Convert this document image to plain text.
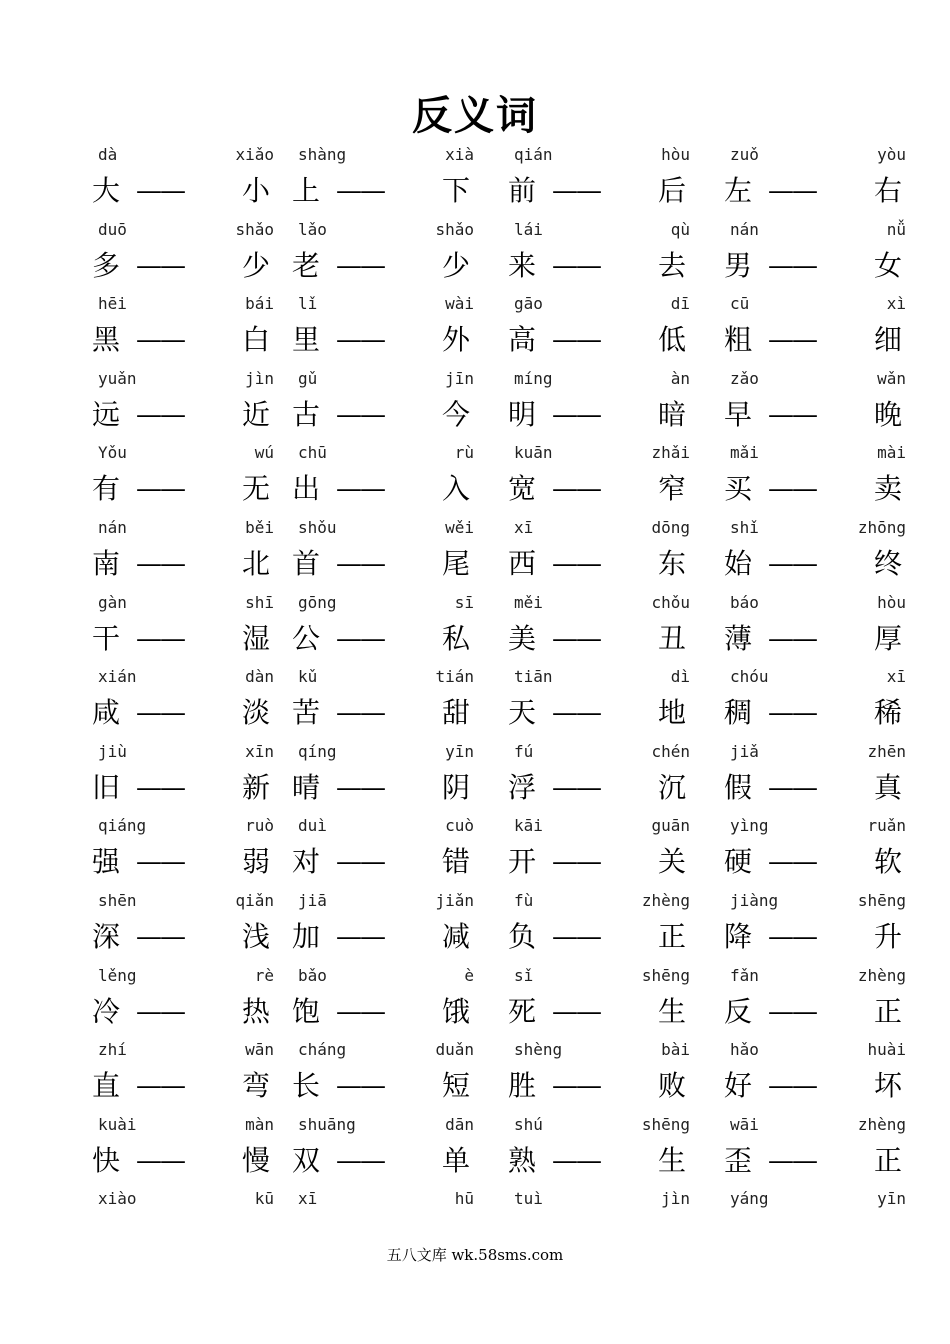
反义词
dà	xiǎo
大 —— 小
shàng	xià
上 —— 下
qián	hòu
前 —— 后
zuǒ	yòu
左 —— 右
duō	shǎo
多 —— 少
lǎo	shǎo
老 —— 少
lái	qù
来 —— 去
nán	nǚ
男 —— 女
hēi	bái
黑 —— 白
lǐ	wài
里 —— 外
gāo	dī
高 —— 低
cū	xì
粗 —— 细
yuǎn	jìn
远 —— 近
gǔ	jīn
古 —— 今
míng	àn
明 —— 暗
zǎo	wǎn
早 —— 晚
Yǒu	wú
有 —— 无
chū	rù
出 —— 入
kuān	zhǎi
宽 —— 窄
mǎi	mài
买 —— 卖
nán	běi
南 —— 北
shǒu	wěi
首 —— 尾
xī	dōng
西 —— 东
shǐ	zhōng
始 —— 终
gàn	shī
干 —— 湿
gōng	sī
公 —— 私
měi	chǒu
美 —— 丑
báo	hòu
薄 —— 厚
xián	dàn
咸 —— 淡
kǔ	tián
苦 —— 甜
tiān	dì
天 —— 地
chóu	xī
稠 —— 稀
jiù	xīn
旧 —— 新
qíng	yīn
晴 —— 阴
fú	chén
浮 —— 沉
jiǎ	zhēn
假 —— 真
qiáng	ruò
强 —— 弱
duì	cuò
对 —— 错
kāi	guān
开 —— 关
yìng	ruǎn
硬 —— 软
shēn	qiǎn
深 —— 浅
jiā	jiǎn
加 —— 减
fù	zhèng
负 —— 正
jiàng	shēng
降 —— 升
lěng	rè
冷 —— 热
bǎo	è
饱 —— 饿
sǐ	shēng
死 —— 生
fǎn	zhèng
反 —— 正
zhí	wān
直 —— 弯
cháng	duǎn
长 —— 短
shèng	bài
胜 —— 败
hǎo	huài
好 —— 坏
kuài	màn
快 —— 慢
shuāng	dān
双 —— 单
shú	shēng
熟 —— 生
wāi	zhèng
歪 —— 正
xiào	kū xī	hū	tuì	jìn	yáng	yīn
五八文库 wk.58sms.com
